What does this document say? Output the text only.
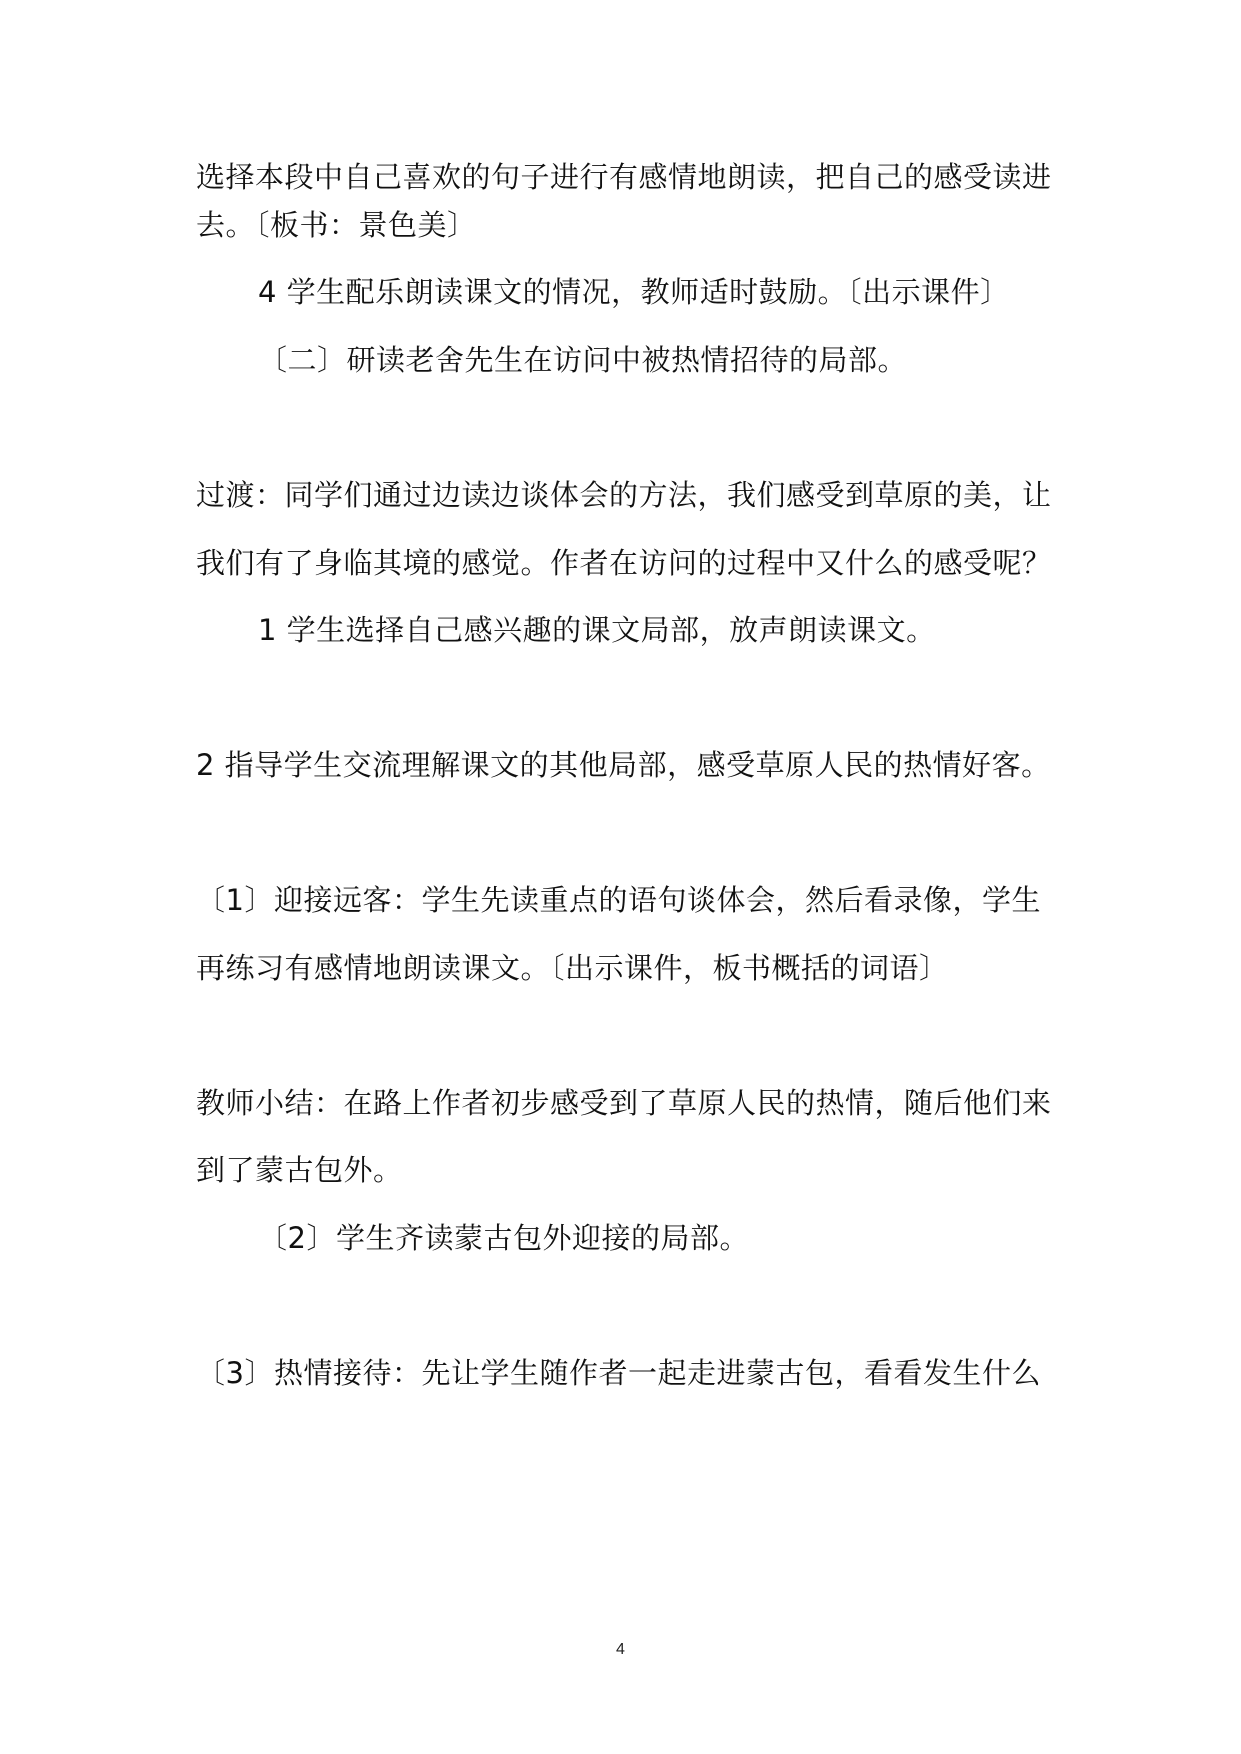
选择本段中自己喜欢的句子进行有感情地朗读，把自己的感受读进
去。〔板书：景色美〕
4 学生配乐朗读课文的情况，教师适时鼓励。〔出示课件〕
〔二〕研读老舍先生在访问中被热情招待的局部。
过渡：同学们通过边读边谈体会的方法，我们感受到草原的美，让
我们有了身临其境的感觉。作者在访问的过程中又什么的感受呢？
1 学生选择自己感兴趣的课文局部，放声朗读课文。
2 指导学生交流理解课文的其他局部，感受草原人民的热情好客。
〔1〕迎接远客：学生先读重点的语句谈体会，然后看录像，学生
再练习有感情地朗读课文。〔出示课件，板书概括的词语〕
教师小结：在路上作者初步感受到了草原人民的热情，随后他们来
到了蒙古包外。
〔2〕学生齐读蒙古包外迎接的局部。
〔3〕热情接待：先让学生随作者一起走进蒙古包，看看发生什么
4
